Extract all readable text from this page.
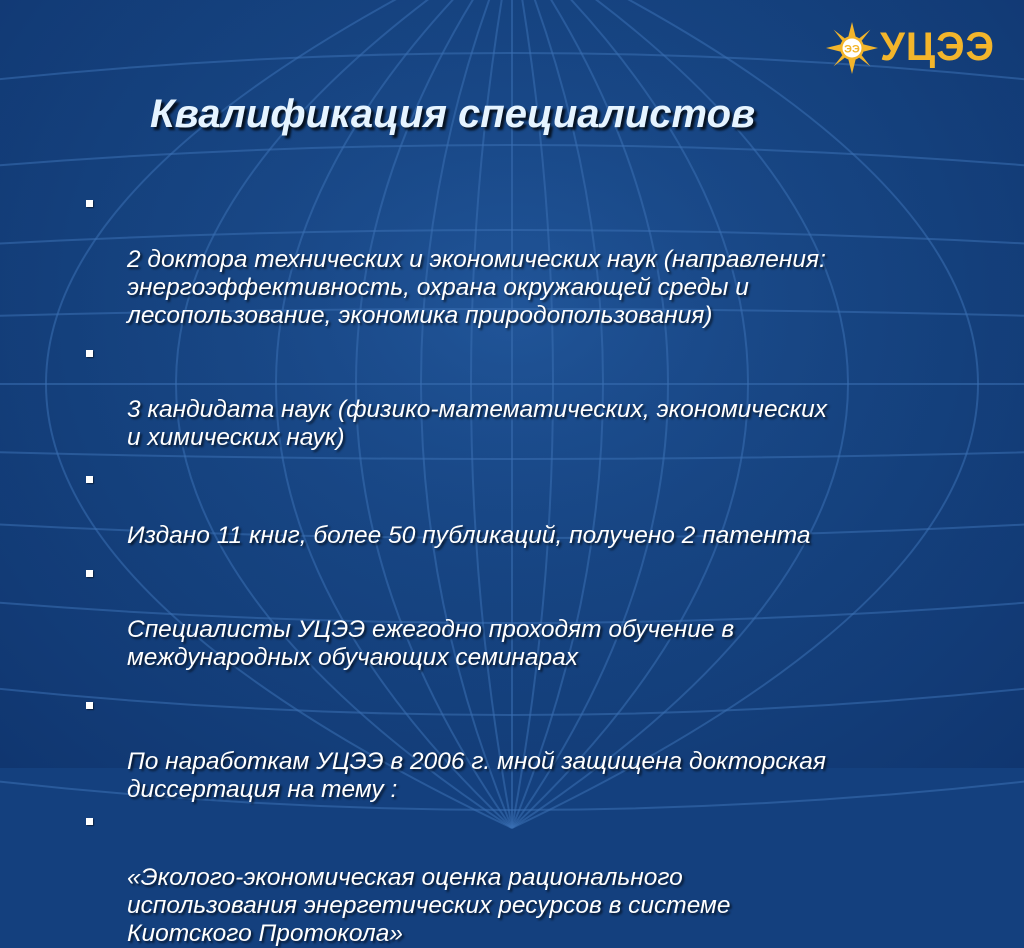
ЭЭ УЦЭЭ
Квалификация специалистов

2 доктора технических и экономических наук (направления:
энергоэффективность, охрана окружающей среды и
лесопользование, экономика природопользования)

3 кандидата наук (физико-математических, экономических
и химических наук)

Издано 11 книг, более 50 публикаций, получено 2 патента

Специалисты УЦЭЭ ежегодно проходят обучение в
международных обучающих семинарах

По наработкам УЦЭЭ в 2006 г. мной защищена докторская
диссертация на тему :

«Эколого-экономическая оценка рационального
использования энергетических ресурсов в системе
Киотского Протокола»
